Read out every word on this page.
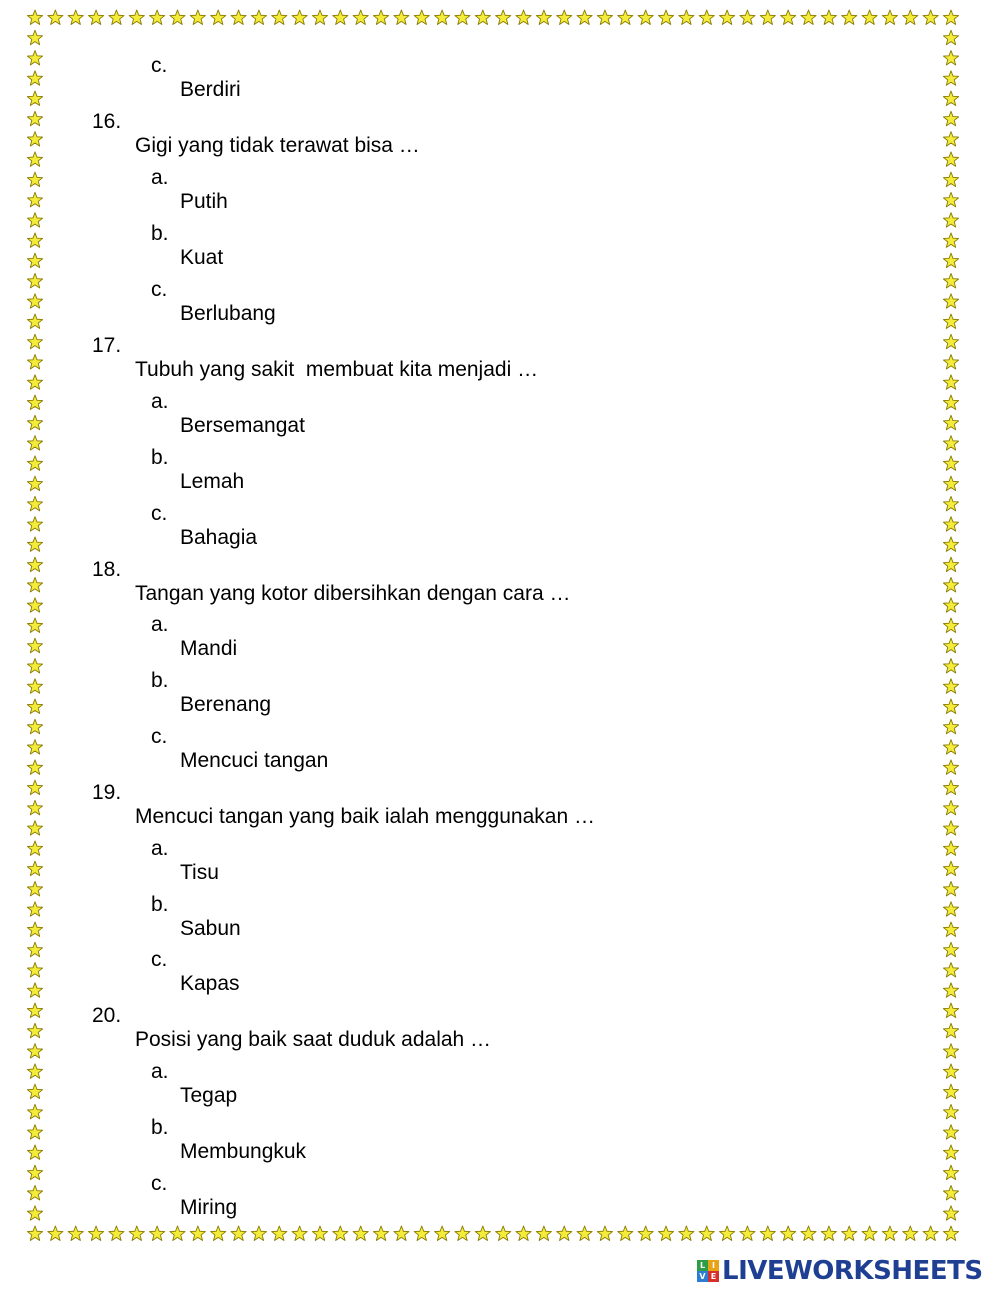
c.

Berdiri

16.

Gigi yang tidak terawat bisa …

a.

Putih

b.

Kuat

c.

Berlubang

17.

Tubuh yang sakit  membuat kita menjadi …

a.

Bersemangat

b.

Lemah

c.

Bahagia

18.

Tangan yang kotor dibersihkan dengan cara …

a.

Mandi

b.

Berenang

c.

Mencuci tangan

19.

Mencuci tangan yang baik ialah menggunakan …

a.

Tisu

b.

Sabun

c.

Kapas

20.

Posisi yang baik saat duduk adalah …

a.

Tegap

b.

Membungkuk

c.

Miring

L I
V E LIVEWORKSHEETS
